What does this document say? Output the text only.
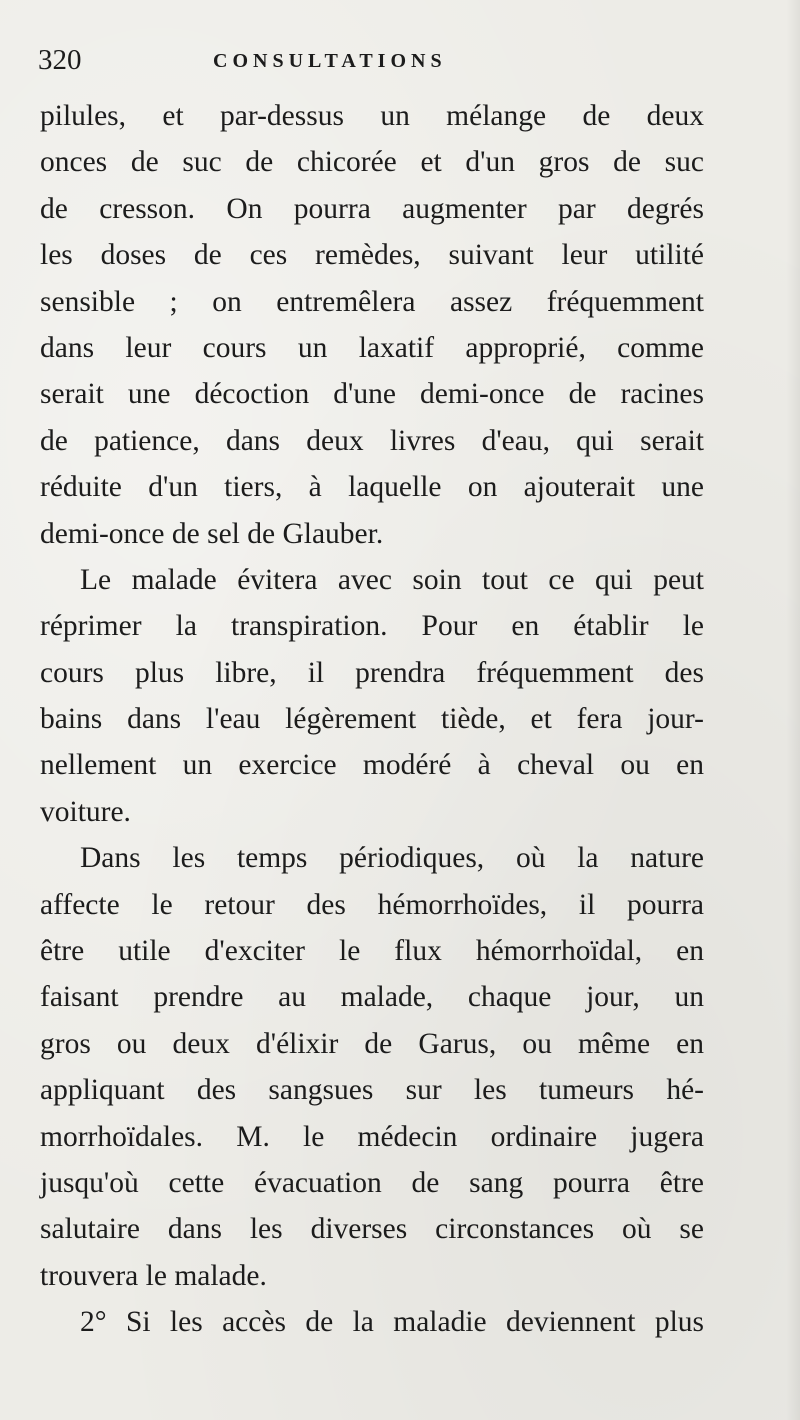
320	CONSULTATIONS
pilules, et par-dessus un mélange de deux
onces de suc de chicorée et d'un gros de suc
de cresson. On pourra augmenter par degrés
les doses de ces remèdes, suivant leur utilité
sensible ; on entremêlera assez fréquemment
dans leur cours un laxatif approprié, comme
serait une décoction d'une demi-once de racines
de patience, dans deux livres d'eau, qui serait
réduite d'un tiers, à laquelle on ajouterait une
demi-once de sel de Glauber.
Le malade évitera avec soin tout ce qui peut
réprimer la transpiration. Pour en établir le
cours plus libre, il prendra fréquemment des
bains dans l'eau légèrement tiède, et fera jour-
nellement un exercice modéré à cheval ou en
voiture.
Dans les temps périodiques, où la nature
affecte le retour des hémorrhoïdes, il pourra
être utile d'exciter le flux hémorrhoïdal, en
faisant prendre au malade, chaque jour, un
gros ou deux d'élixir de Garus, ou même en
appliquant des sangsues sur les tumeurs hé-
morrhoïdales. M. le médecin ordinaire jugera
jusqu'où cette évacuation de sang pourra être
salutaire dans les diverses circonstances où se
trouvera le malade.
2° Si les accès de la maladie deviennent plus
